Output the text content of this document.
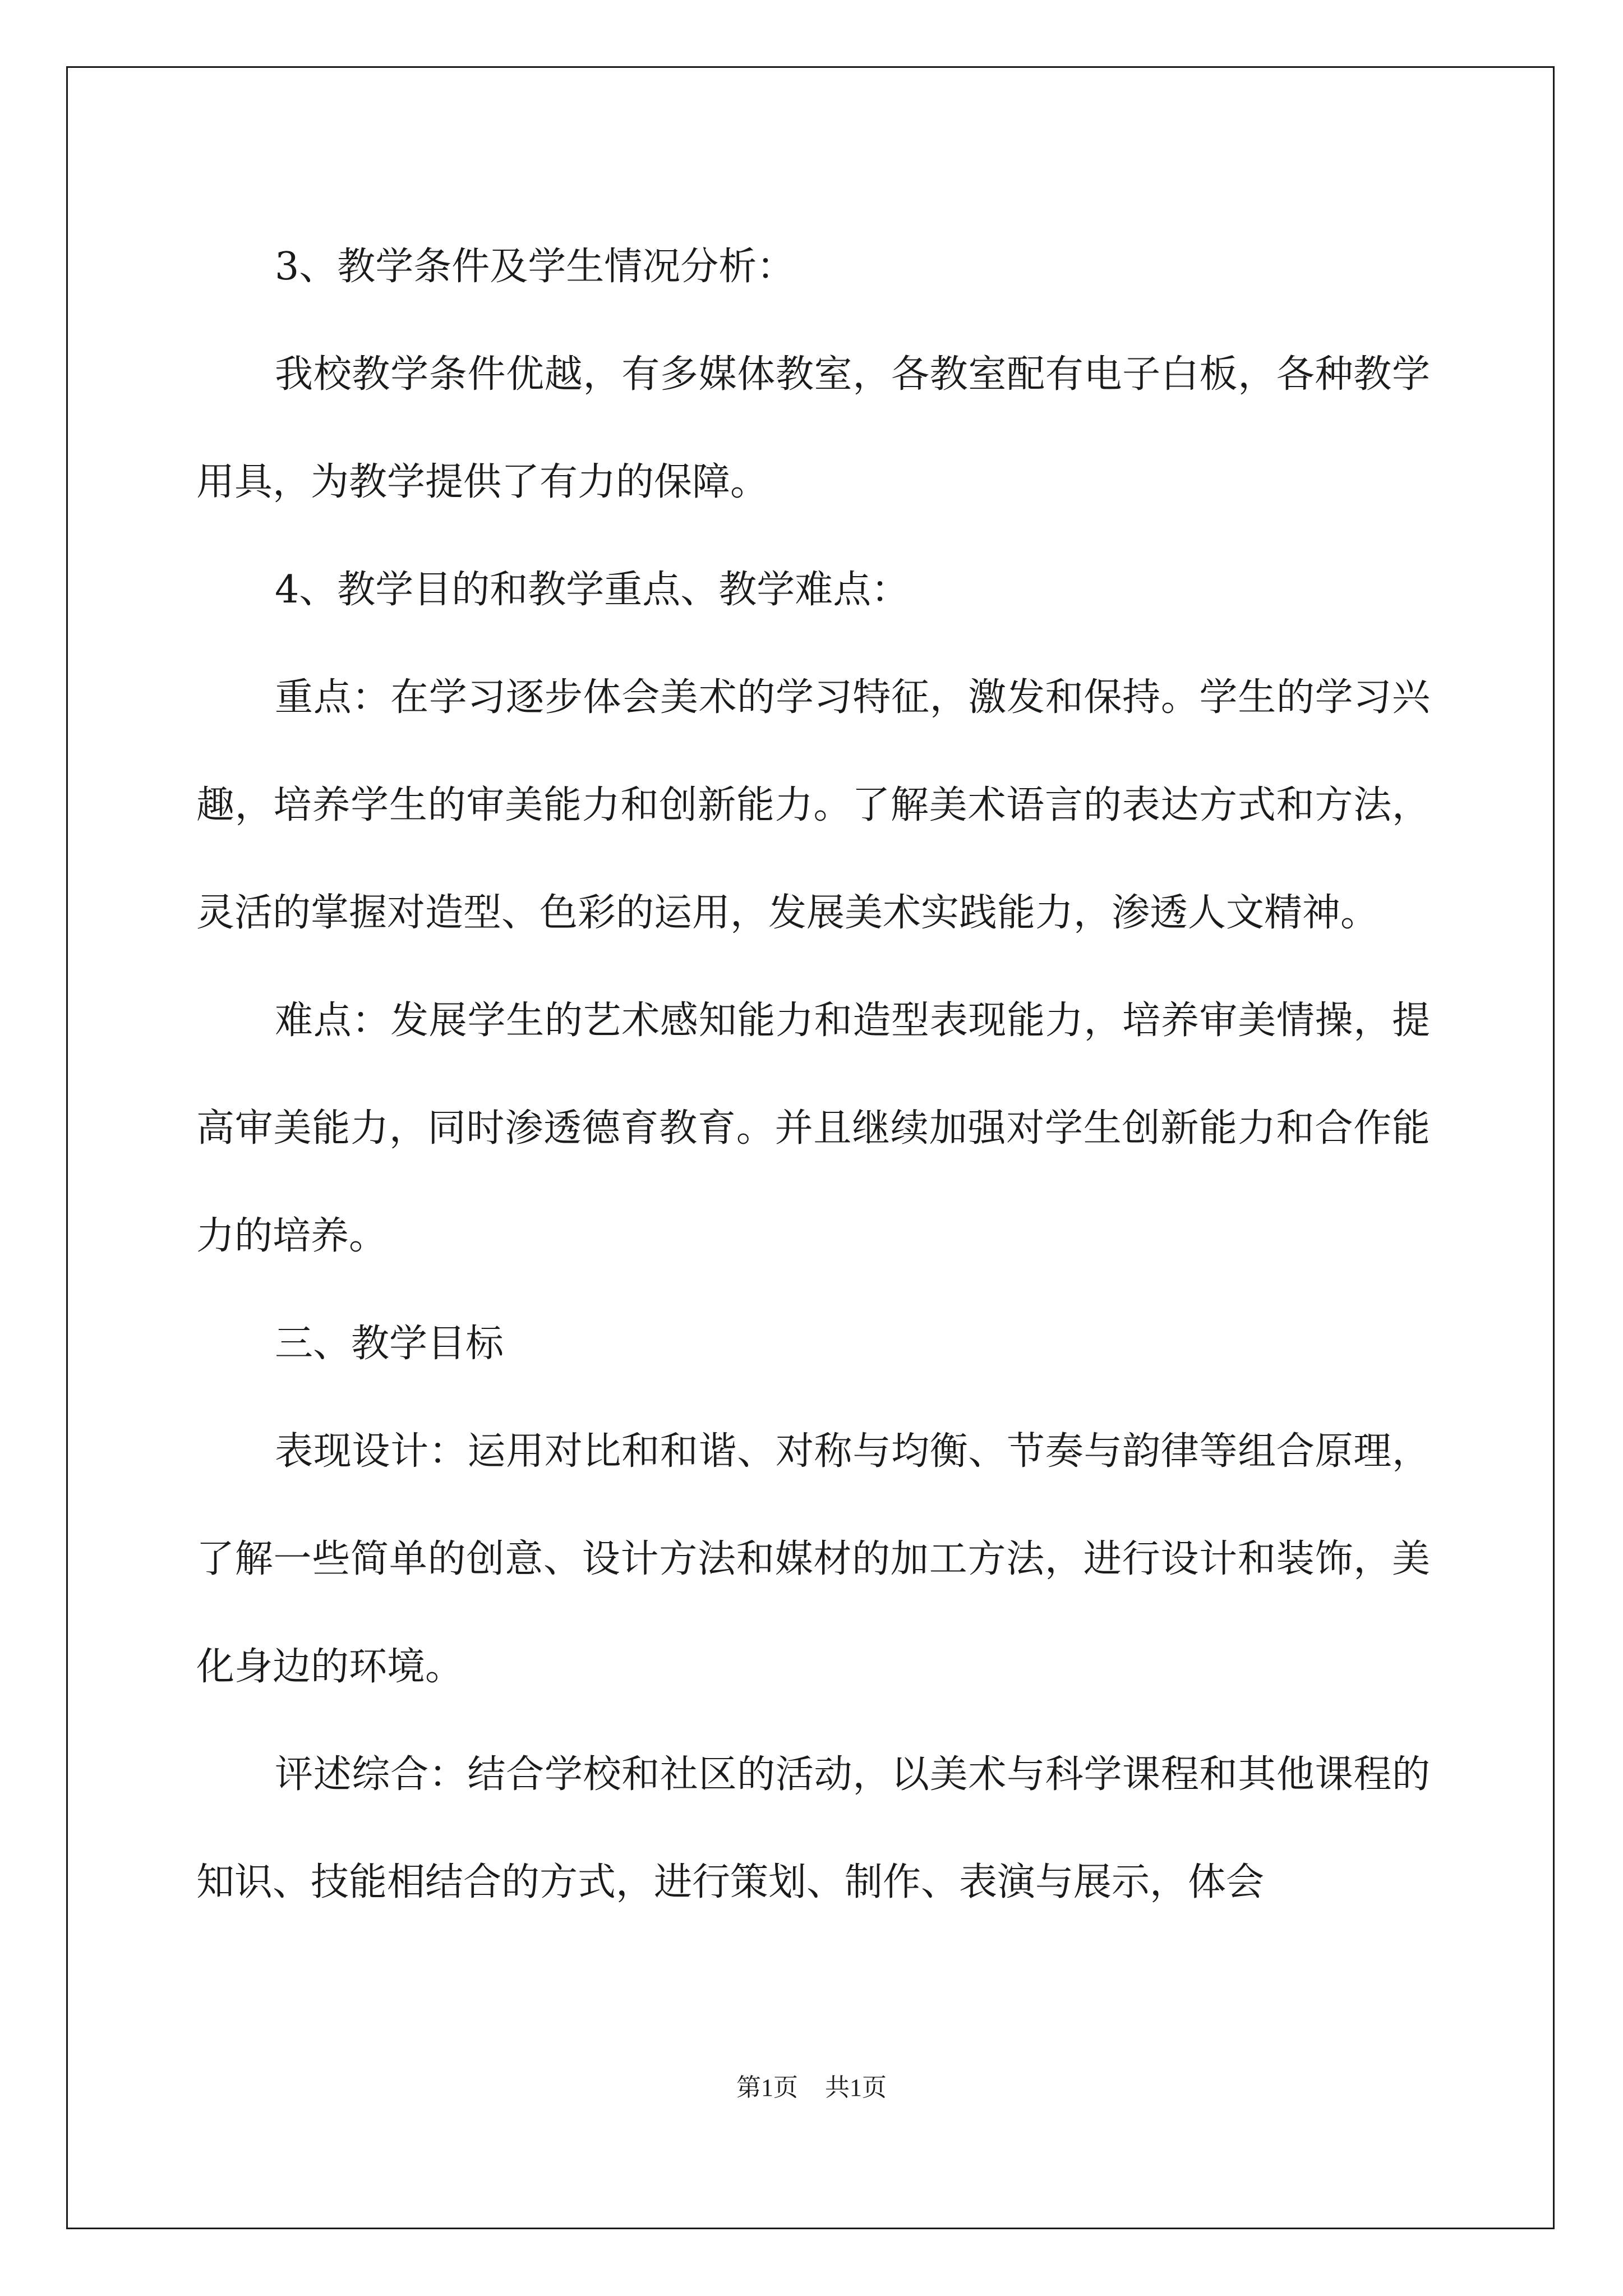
3、教学条件及学生情况分析：

我校教学条件优越，有多媒体教室，各教室配有电子白板，各种教学用具，为教学提供了有力的保障。

4、教学目的和教学重点、教学难点：

重点：在学习逐步体会美术的学习特征，激发和保持。学生的学习兴趣，培养学生的审美能力和创新能力。了解美术语言的表达方式和方法，灵活的掌握对造型、色彩的运用，发展美术实践能力，渗透人文精神。

难点：发展学生的艺术感知能力和造型表现能力，培养审美情操，提高审美能力，同时渗透德育教育。并且继续加强对学生创新能力和合作能力的培养。

三、教学目标

表现设计：运用对比和和谐、对称与均衡、节奏与韵律等组合原理，了解一些简单的创意、设计方法和媒材的加工方法，进行设计和装饰，美化身边的环境。

评述综合：结合学校和社区的活动，以美术与科学课程和其他课程的知识、技能相结合的方式，进行策划、制作、表演与展示，体会

第1页 共1页
